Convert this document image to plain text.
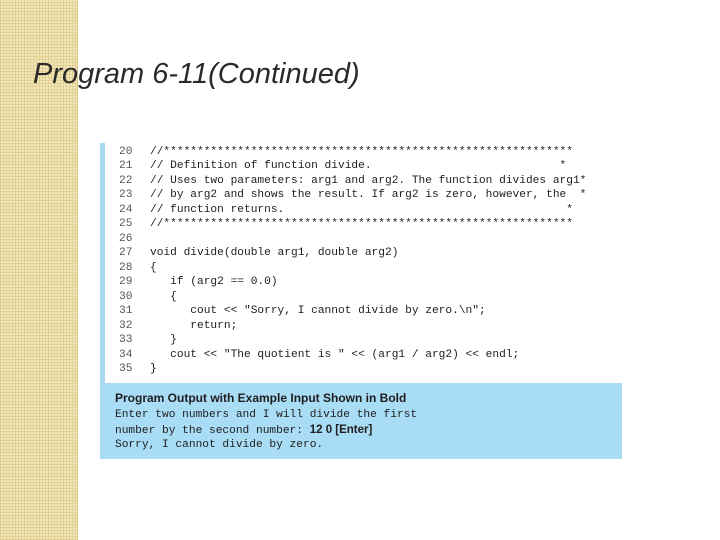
Program 6-11(Continued)
20	//*************************************************************
21	// Definition of function divide.                            *
22	// Uses two parameters: arg1 and arg2. The function divides arg1*
23	// by arg2 and shows the result. If arg2 is zero, however, the  *
24	// function returns.                                          *
25	//*************************************************************
26
27	void divide(double arg1, double arg2)
28	{
29	if (arg2 == 0.0)
30	{
31	cout << "Sorry, I cannot divide by zero.\n";
32	return;
33	}
34	cout << "The quotient is " << (arg1 / arg2) << endl;
35	}
Program Output with Example Input Shown in Bold
Enter two numbers and I will divide the first
number by the second number: 12 0 [Enter]
Sorry, I cannot divide by zero.
